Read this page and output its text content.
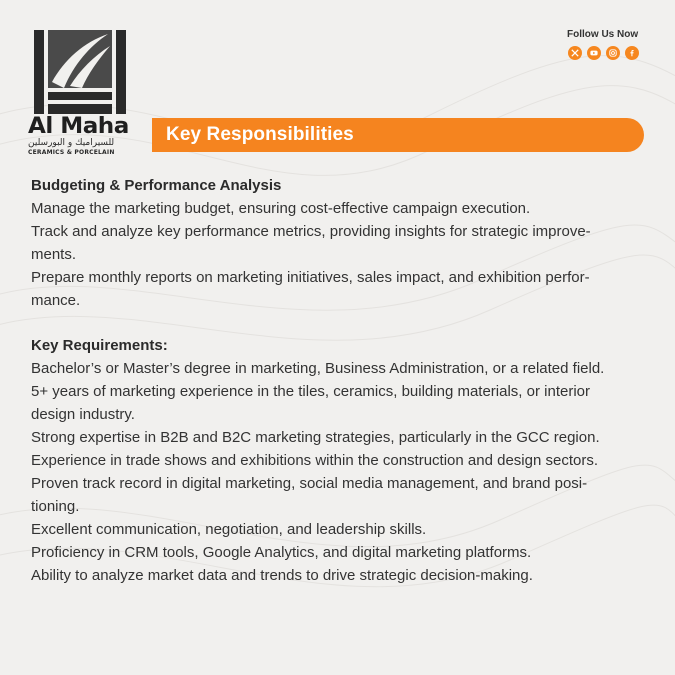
Al Maha
للسيراميك و البورسلين
CERAMICS & PORCELAIN
Follow Us Now
Key Responsibilities
Budgeting & Performance Analysis
Manage the marketing budget, ensuring cost-effective campaign execution.
Track and analyze key performance metrics, providing insights for strategic improve-
ments.
Prepare monthly reports on marketing initiatives, sales impact, and exhibition perfor-
mance.
Key Requirements:
Bachelor’s or Master’s degree in marketing, Business Administration, or a related field.
5+ years of marketing experience in the tiles, ceramics, building materials, or interior
design industry.
Strong expertise in B2B and B2C marketing strategies, particularly in the GCC region.
Experience in trade shows and exhibitions within the construction and design sectors.
Proven track record in digital marketing, social media management, and brand posi-
tioning.
Excellent communication, negotiation, and leadership skills.
Proficiency in CRM tools, Google Analytics, and digital marketing platforms.
Ability to analyze market data and trends to drive strategic decision-making.
